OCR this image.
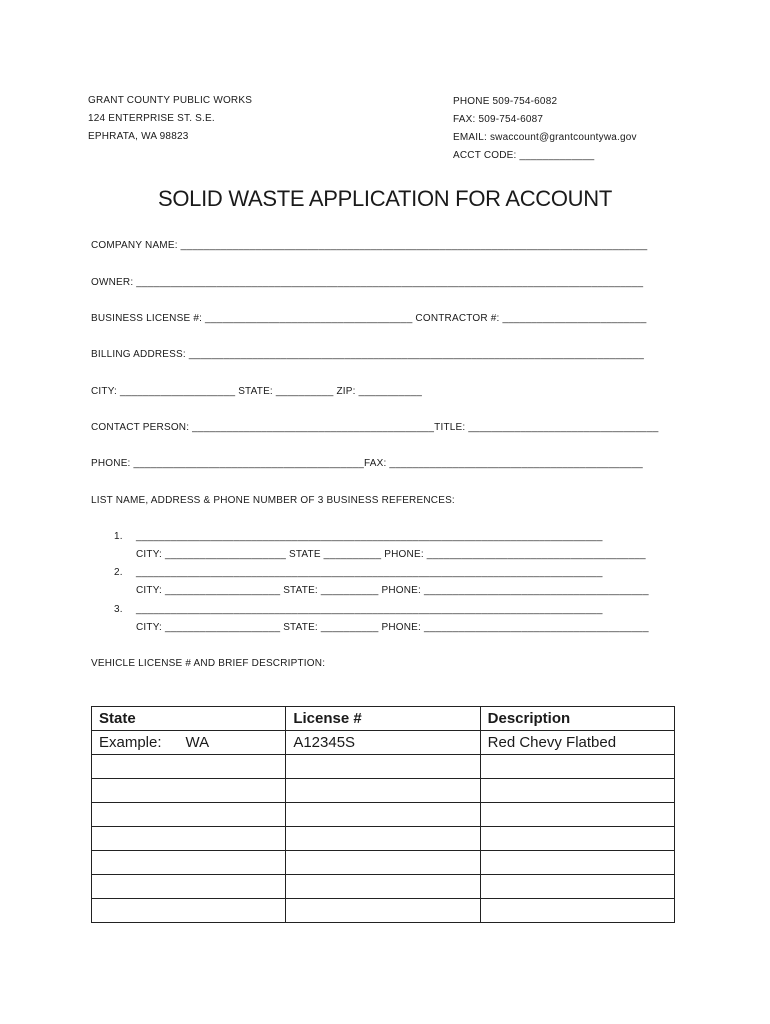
GRANT COUNTY PUBLIC WORKS
124 ENTERPRISE ST. S.E.
EPHRATA, WA 98823
PHONE 509-754-6082
FAX: 509-754-6087
EMAIL: swaccount@grantcountywa.gov
ACCT CODE: _____________
SOLID WASTE APPLICATION FOR ACCOUNT
COMPANY NAME: _________________________________________________________________________________
OWNER: ________________________________________________________________________________________
BUSINESS LICENSE #: ____________________________________ CONTRACTOR #: _________________________
BILLING ADDRESS: _______________________________________________________________________________
CITY: ____________________ STATE: __________ ZIP: ___________
CONTACT PERSON: __________________________________________TITLE: _________________________________
PHONE: ________________________________________FAX: ____________________________________________
LIST NAME, ADDRESS & PHONE NUMBER OF 3 BUSINESS REFERENCES:
1. _________________________________________________________________________________
CITY: _____________________ STATE __________ PHONE: ______________________________________
2. _________________________________________________________________________________
CITY: ____________________ STATE: __________ PHONE: _______________________________________
3. _________________________________________________________________________________
CITY: ____________________ STATE: __________ PHONE: _______________________________________
VEHICLE LICENSE # AND BRIEF DESCRIPTION:
State	License #	Description
Example: WA	A12345S	Red Chevy Flatbed
